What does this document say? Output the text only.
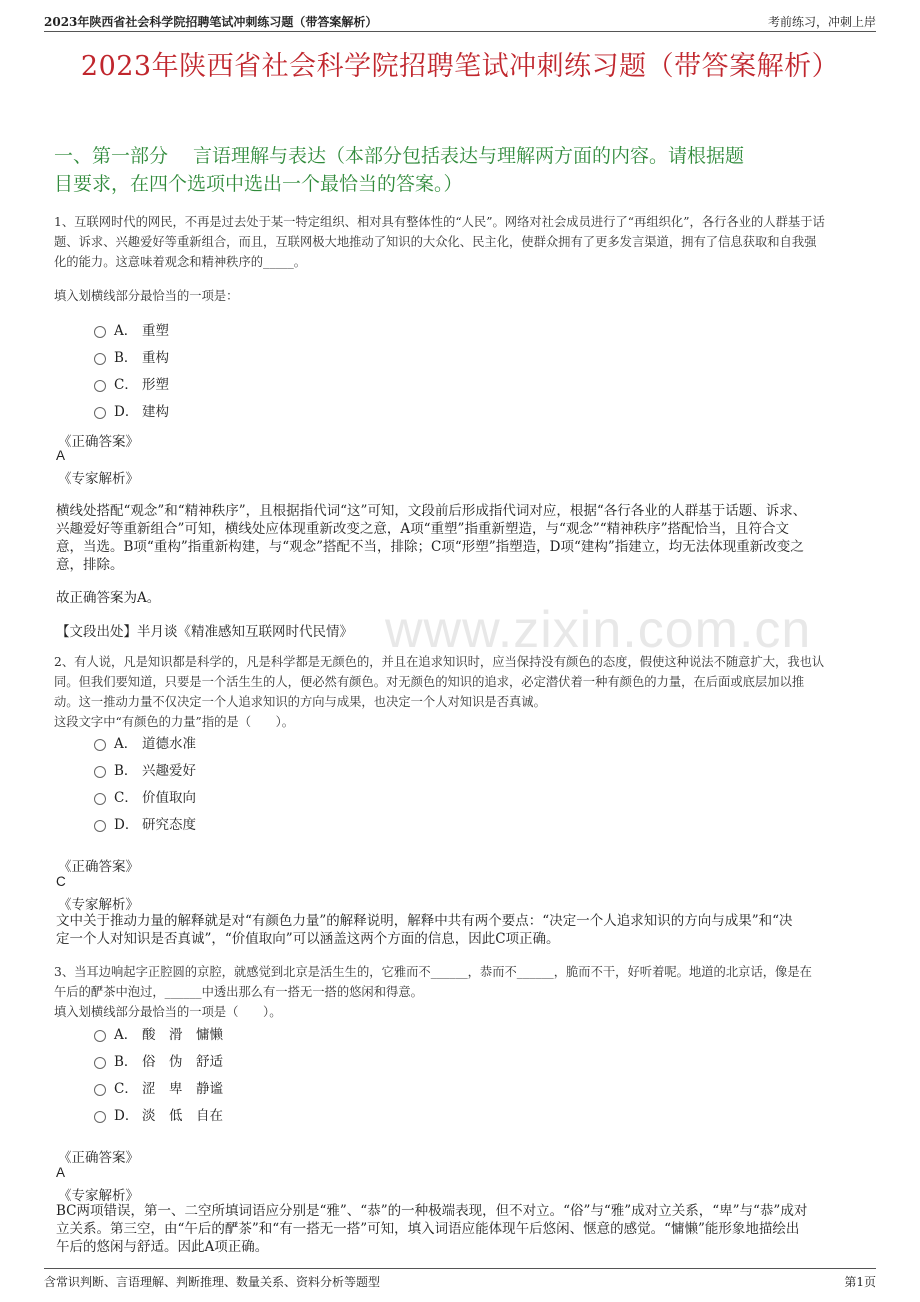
2023年陕西省社会科学院招聘笔试冲刺练习题（带答案解析）	考前练习，冲刺上岸
2023年陕西省社会科学院招聘笔试冲刺练习题（带答案解析）
一、第一部分　 言语理解与表达（本部分包括表达与理解两方面的内容。请根据题
目要求，在四个选项中选出一个最恰当的答案。）
www.zixin.com.cn
1、互联网时代的网民，不再是过去处于某一特定组织、相对具有整体性的“人民”。网络对社会成员进行了“再组织化”，各行各业的人群基于话
题、诉求、兴趣爱好等重新组合，而且，互联网极大地推动了知识的大众化、民主化，使群众拥有了更多发言渠道，拥有了信息获取和自我强
化的能力。这意味着观念和精神秩序的_____。
填入划横线部分最恰当的一项是：
A． 重塑
B． 重构
C． 形塑
D． 建构
《正确答案》
A
《专家解析》
横线处搭配“观念”和“精神秩序”，且根据指代词“这”可知，文段前后形成指代词对应，根据“各行各业的人群基于话题、诉求、
兴趣爱好等重新组合”可知，横线处应体现重新改变之意，A项“重塑”指重新塑造，与“观念”“精神秩序”搭配恰当，且符合文
意，当选。B项“重构”指重新构建，与“观念”搭配不当，排除；C项“形塑”指塑造，D项“建构”指建立，均无法体现重新改变之
意，排除。
故正确答案为A。
【文段出处】半月谈《精准感知互联网时代民情》
2、有人说，凡是知识都是科学的，凡是科学都是无颜色的，并且在追求知识时，应当保持没有颜色的态度，假使这种说法不随意扩大，我也认
同。但我们要知道，只要是一个活生生的人，便必然有颜色。对无颜色的知识的追求，必定潜伏着一种有颜色的力量，在后面或底层加以推
动。这一推动力量不仅决定一个人追求知识的方向与成果，也决定一个人对知识是否真诚。
这段文字中“有颜色的力量”指的是（　　）。
A． 道德水准
B． 兴趣爱好
C． 价值取向
D． 研究态度
《正确答案》
C
《专家解析》
文中关于推动力量的解释就是对“有颜色力量”的解释说明，解释中共有两个要点：“决定一个人追求知识的方向与成果”和“决
定一个人对知识是否真诚”，“价值取向”可以涵盖这两个方面的信息，因此C项正确。
3、当耳边响起字正腔圆的京腔，就感觉到北京是活生生的，它雅而不______，恭而不______，脆而不干，好听着呢。地道的北京话，像是在
午后的酽茶中泡过，______中透出那么有一搭无一搭的悠闲和得意。
填入划横线部分最恰当的一项是（　　）。
A． 酸　滑　慵懒
B． 俗　伪　舒适
C． 涩　卑　静谧
D． 淡　低　自在
《正确答案》
A
《专家解析》
BC两项错误，第一、二空所填词语应分别是“雅”、“恭”的一种极端表现，但不对立。“俗”与“雅”成对立关系，“卑”与“恭”成对
立关系。第三空，由“午后的酽茶”和“有一搭无一搭”可知，填入词语应能体现午后悠闲、惬意的感觉。“慵懒”能形象地描绘出
午后的悠闲与舒适。因此A项正确。
含常识判断、言语理解、判断推理、数量关系、资料分析等题型	第1页
